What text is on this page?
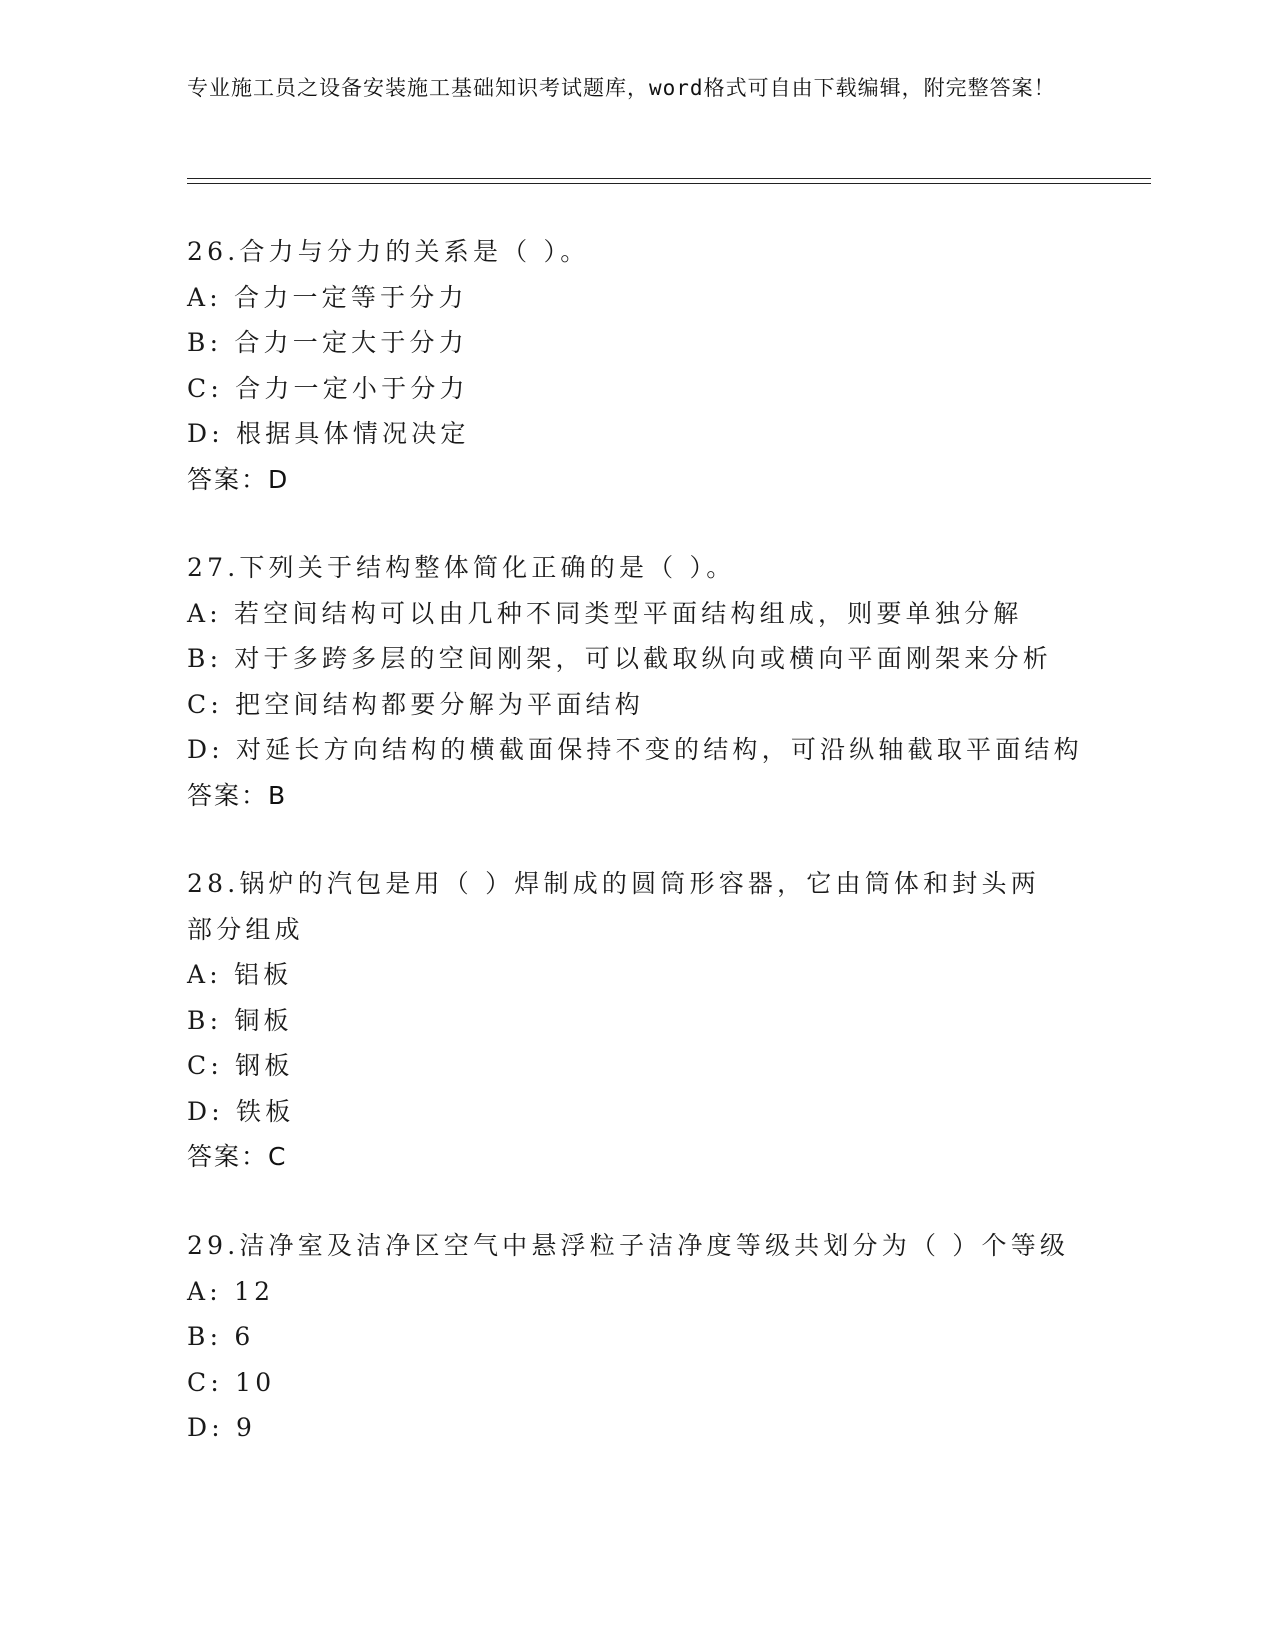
专业施工员之设备安装施工基础知识考试题库，word格式可自由下载编辑，附完整答案！
26.合力与分力的关系是（ ）。
A: 合力一定等于分力
B: 合力一定大于分力
C: 合力一定小于分力
D: 根据具体情况决定
答案：D
27.下列关于结构整体简化正确的是（ ）。
A: 若空间结构可以由几种不同类型平面结构组成，则要单独分解
B: 对于多跨多层的空间刚架，可以截取纵向或横向平面刚架来分析
C: 把空间结构都要分解为平面结构
D: 对延长方向结构的横截面保持不变的结构，可沿纵轴截取平面结构
答案：B
28.锅炉的汽包是用（ ）焊制成的圆筒形容器，它由筒体和封头两部分组成
A: 铝板
B: 铜板
C: 钢板
D: 铁板
答案：C
29.洁净室及洁净区空气中悬浮粒子洁净度等级共划分为（ ）个等级
A: 12
B: 6
C: 10
D: 9
